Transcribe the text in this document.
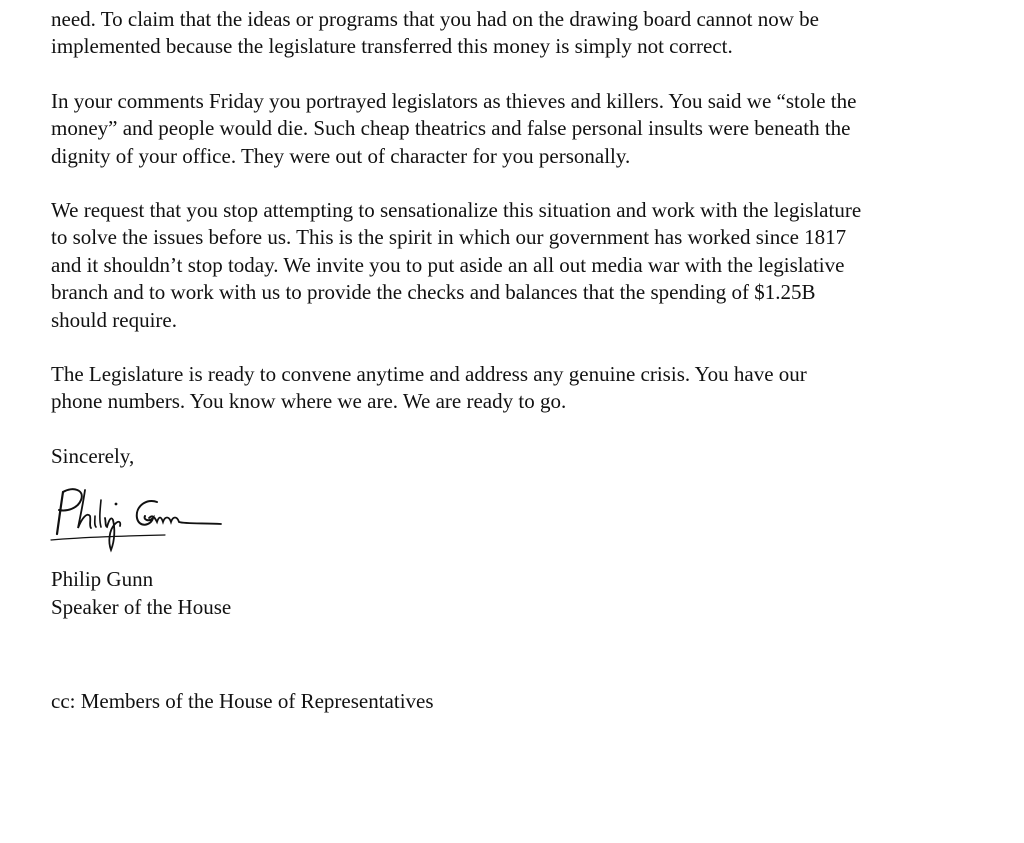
need. To claim that the ideas or programs that you had on the drawing board cannot now be
implemented because the legislature transferred this money is simply not correct.

In your comments Friday you portrayed legislators as thieves and killers. You said we “stole the
money” and people would die. Such cheap theatrics and false personal insults were beneath the
dignity of your office. They were out of character for you personally.

We request that you stop attempting to sensationalize this situation and work with the legislature
to solve the issues before us. This is the spirit in which our government has worked since 1817
and it shouldn’t stop today. We invite you to put aside an all out media war with the legislative
branch and to work with us to provide the checks and balances that the spending of $1.25B
should require.

The Legislature is ready to convene anytime and address any genuine crisis. You have our
phone numbers. You know where we are. We are ready to go.

Sincerely,

Philip Gunn
Speaker of the House
cc: Members of the House of Representatives
